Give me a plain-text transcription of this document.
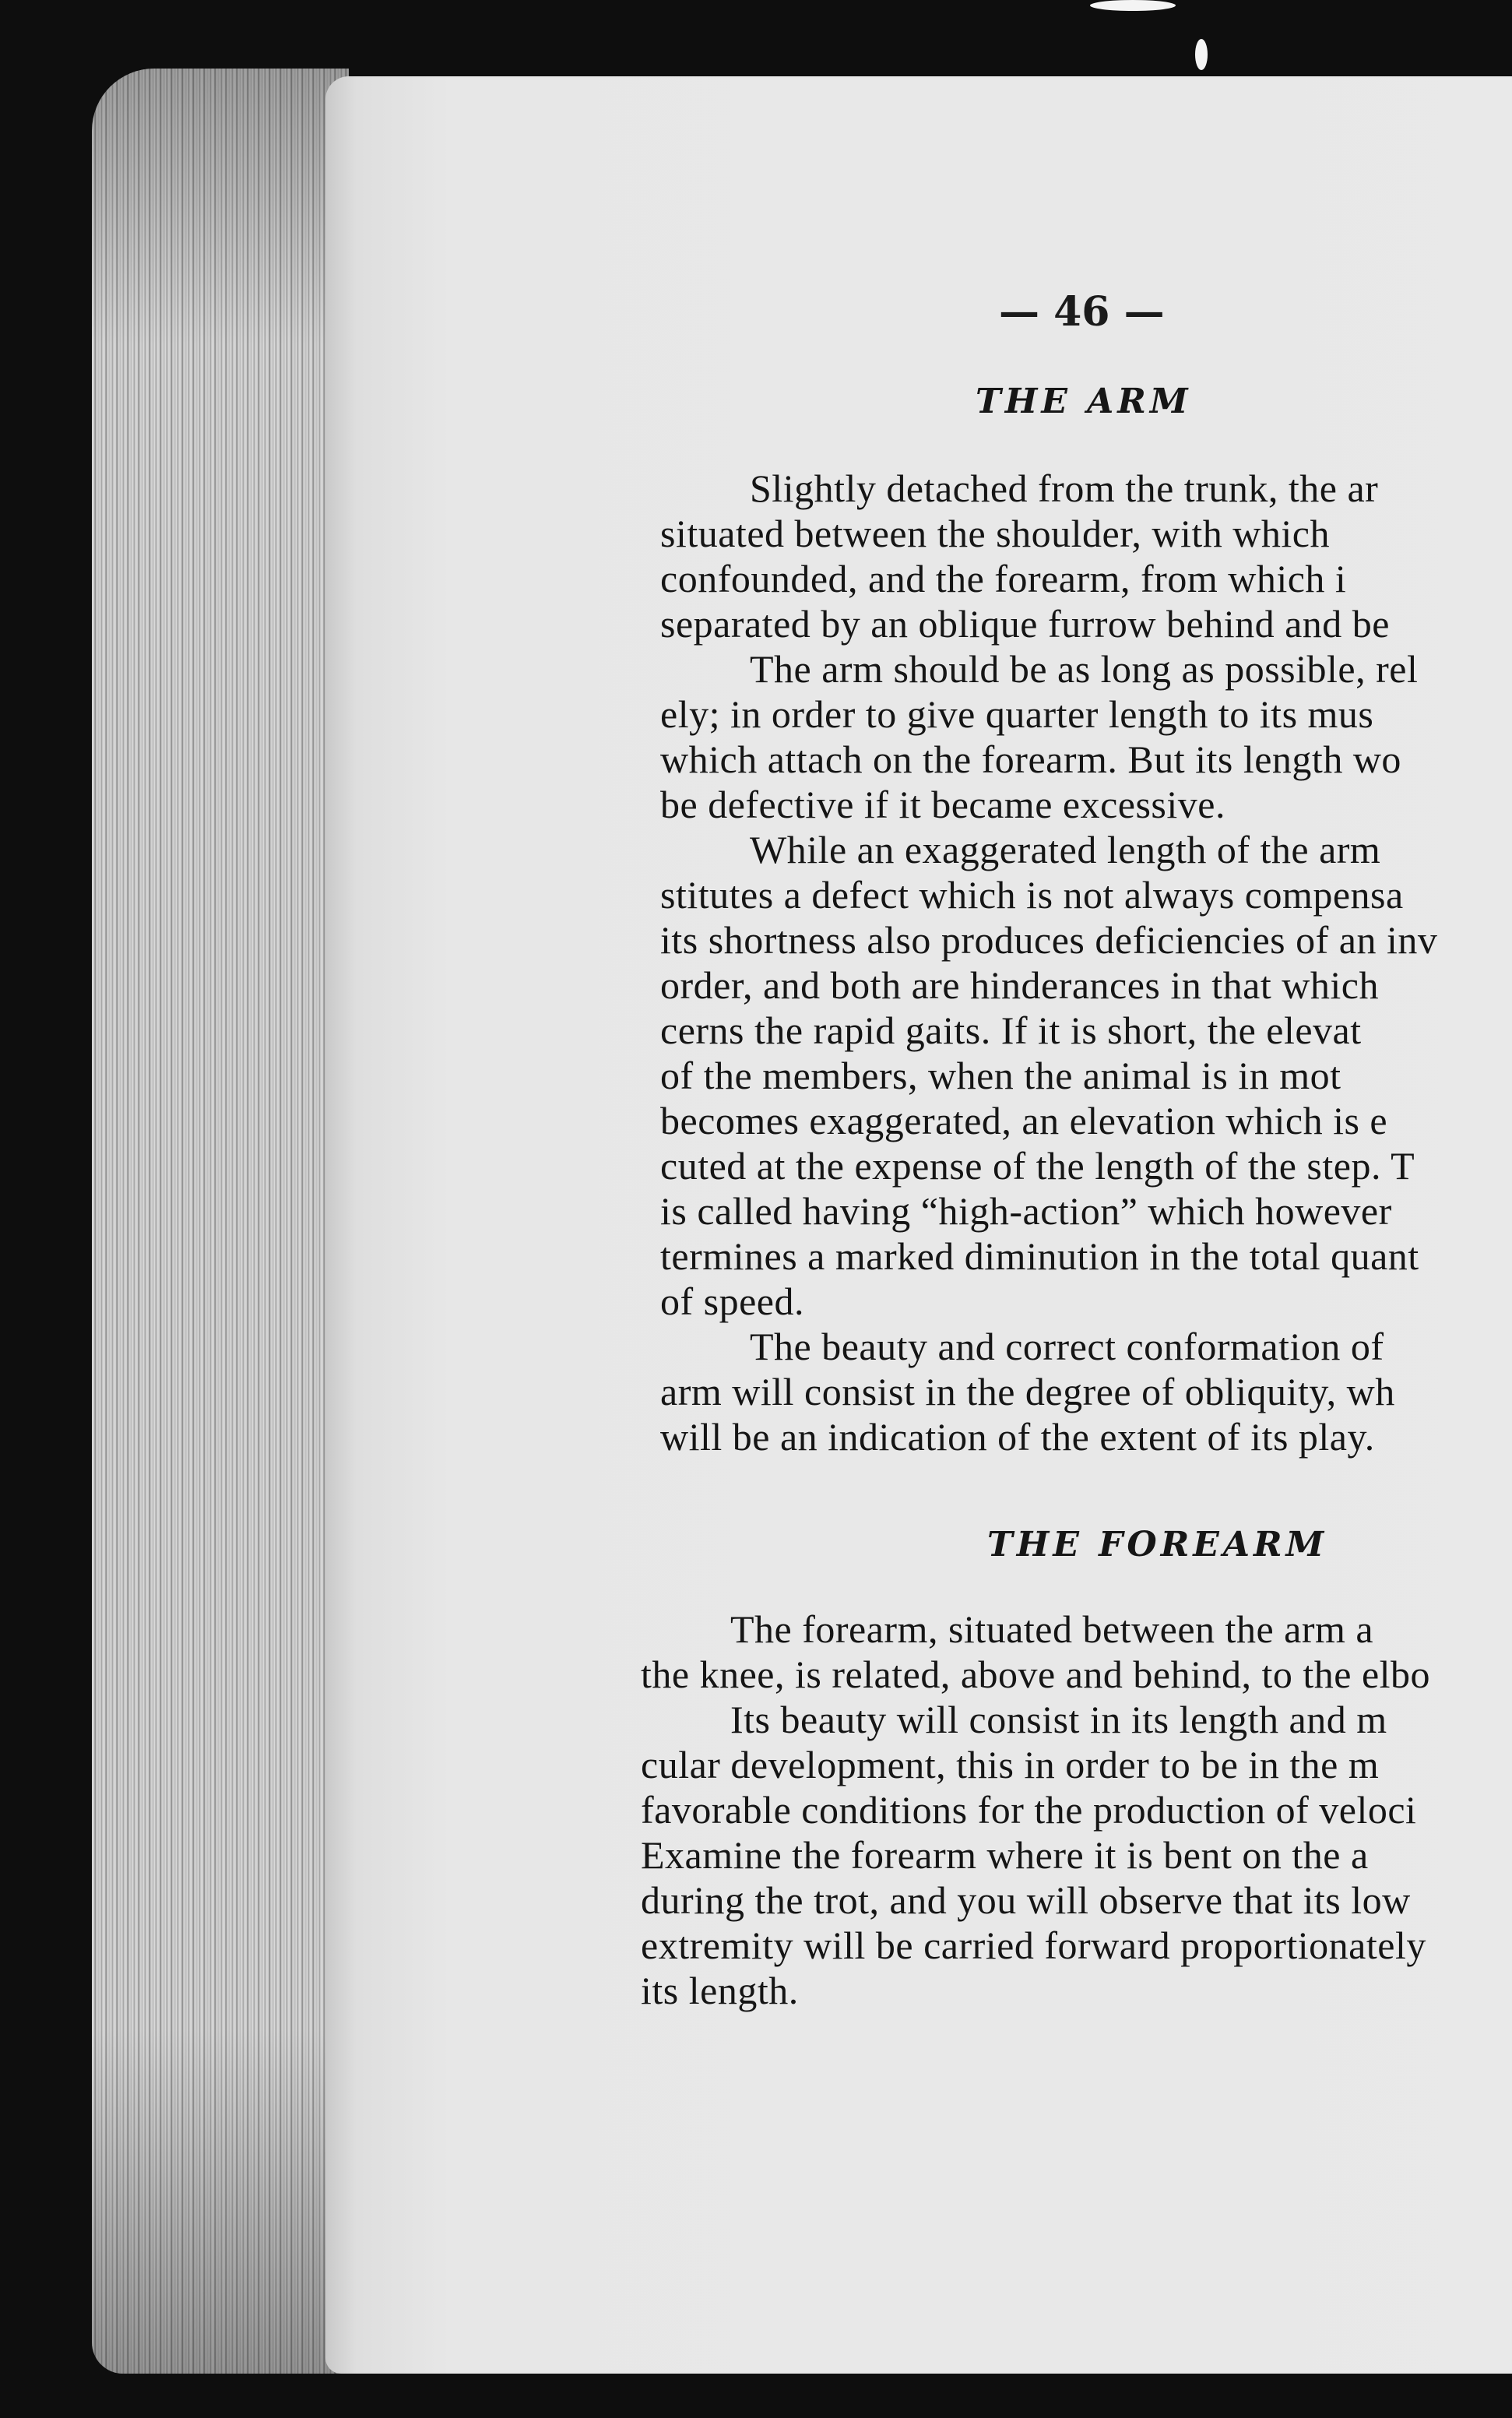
— 46 —
THE ARM

Slightly detached from the trunk, the ar

situated between the shoulder, with which

confounded, and the forearm, from which i

separated by an oblique furrow behind and be

The arm should be as long as possible, rel

ely; in order to give quarter length to its mus

which attach on the forearm. But its length wo

be defective if it became excessive.

While an exaggerated length of the arm

stitutes a defect which is not always compensa

its shortness also produces deficiencies of an inv

order, and both are hinderances in that which

cerns the rapid gaits. If it is short, the elevat

of the members, when the animal is in mot

becomes exaggerated, an elevation which is e

cuted at the expense of the length of the step. T

is called having “high-action” which however

termines a marked diminution in the total quant

of speed.

The beauty and correct conformation of

arm will consist in the degree of obliquity, wh

will be an indication of the extent of its play.

THE FOREARM

The forearm, situated between the arm a

the knee, is related, above and behind, to the elbo

Its beauty will consist in its length and m

cular development, this in order to be in the m

favorable conditions for the production of veloci

Examine the forearm where it is bent on the a

during the trot, and you will observe that its low

extremity will be carried forward proportionately

its length.
